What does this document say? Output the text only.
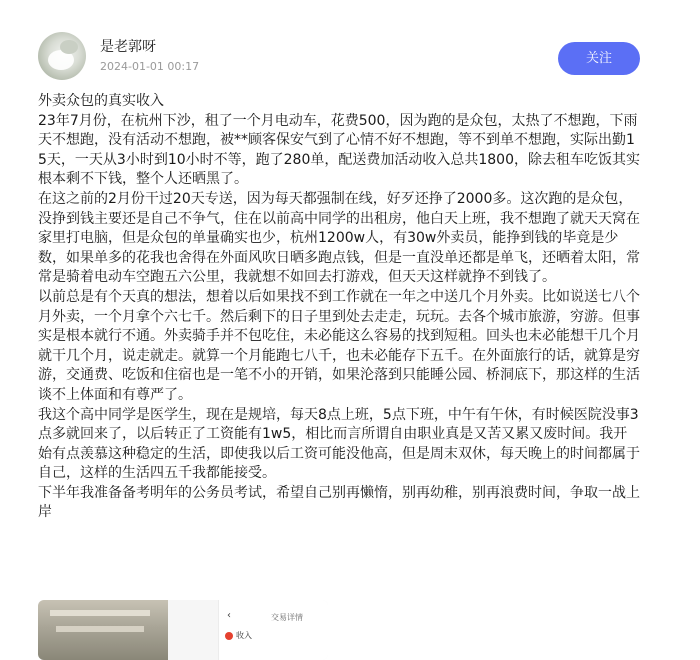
是老郭呀
2024-01-01 00:17
关注
外卖众包的真实收入
23年7月份，在杭州下沙，租了一个月电动车，花费500，因为跑的是众包，太热了不想跑，下雨天不想跑，没有活动不想跑，被**顾客保安气到了心情不好不想跑，等不到单不想跑，实际出勤15天，一天从3小时到10小时不等，跑了280单，配送费加活动收入总共1800，除去租车吃饭其实根本剩不下钱，整个人还晒黑了。
在这之前的2月份干过20天专送，因为每天都强制在线，好歹还挣了2000多。这次跑的是众包，没挣到钱主要还是自己不争气，住在以前高中同学的出租房，他白天上班，我不想跑了就天天窝在家里打电脑，但是众包的单量确实也少，杭州1200w人，有30w外卖员，能挣到钱的毕竟是少数，如果单多的花我也舍得在外面风吹日晒多跑点钱，但是一直没单还都是单飞，还晒着太阳，常常是骑着电动车空跑五六公里，我就想不如回去打游戏，但天天这样就挣不到钱了。
以前总是有个天真的想法，想着以后如果找不到工作就在一年之中送几个月外卖。比如说送七八个月外卖，一个月拿个六七千。然后剩下的日子里到处去走走，玩玩。去各个城市旅游，穷游。但事实是根本就行不通。外卖骑手并不包吃住，未必能这么容易的找到短租。回头也未必能想干几个月就干几个月，说走就走。就算一个月能跑七八千，也未必能存下五千。在外面旅行的话，就算是穷游，交通费、吃饭和住宿也是一笔不小的开销，如果沦落到只能睡公园、桥洞底下，那这样的生活谈不上体面和有尊严了。
我这个高中同学是医学生，现在是规培，每天8点上班，5点下班，中午有午休，有时候医院没事3点多就回来了，以后转正了工资能有1w5，相比而言所谓自由职业真是又苦又累又废时间。我开始有点羡慕这种稳定的生活，即使我以后工资可能没他高，但是周末双休，每天晚上的时间都属于自己，这样的生活四五千我都能接受。
下半年我准备备考明年的公务员考试，希望自己别再懒惰，别再幼稚，别再浪费时间，争取一战上岸
‹	交易详情
收入
